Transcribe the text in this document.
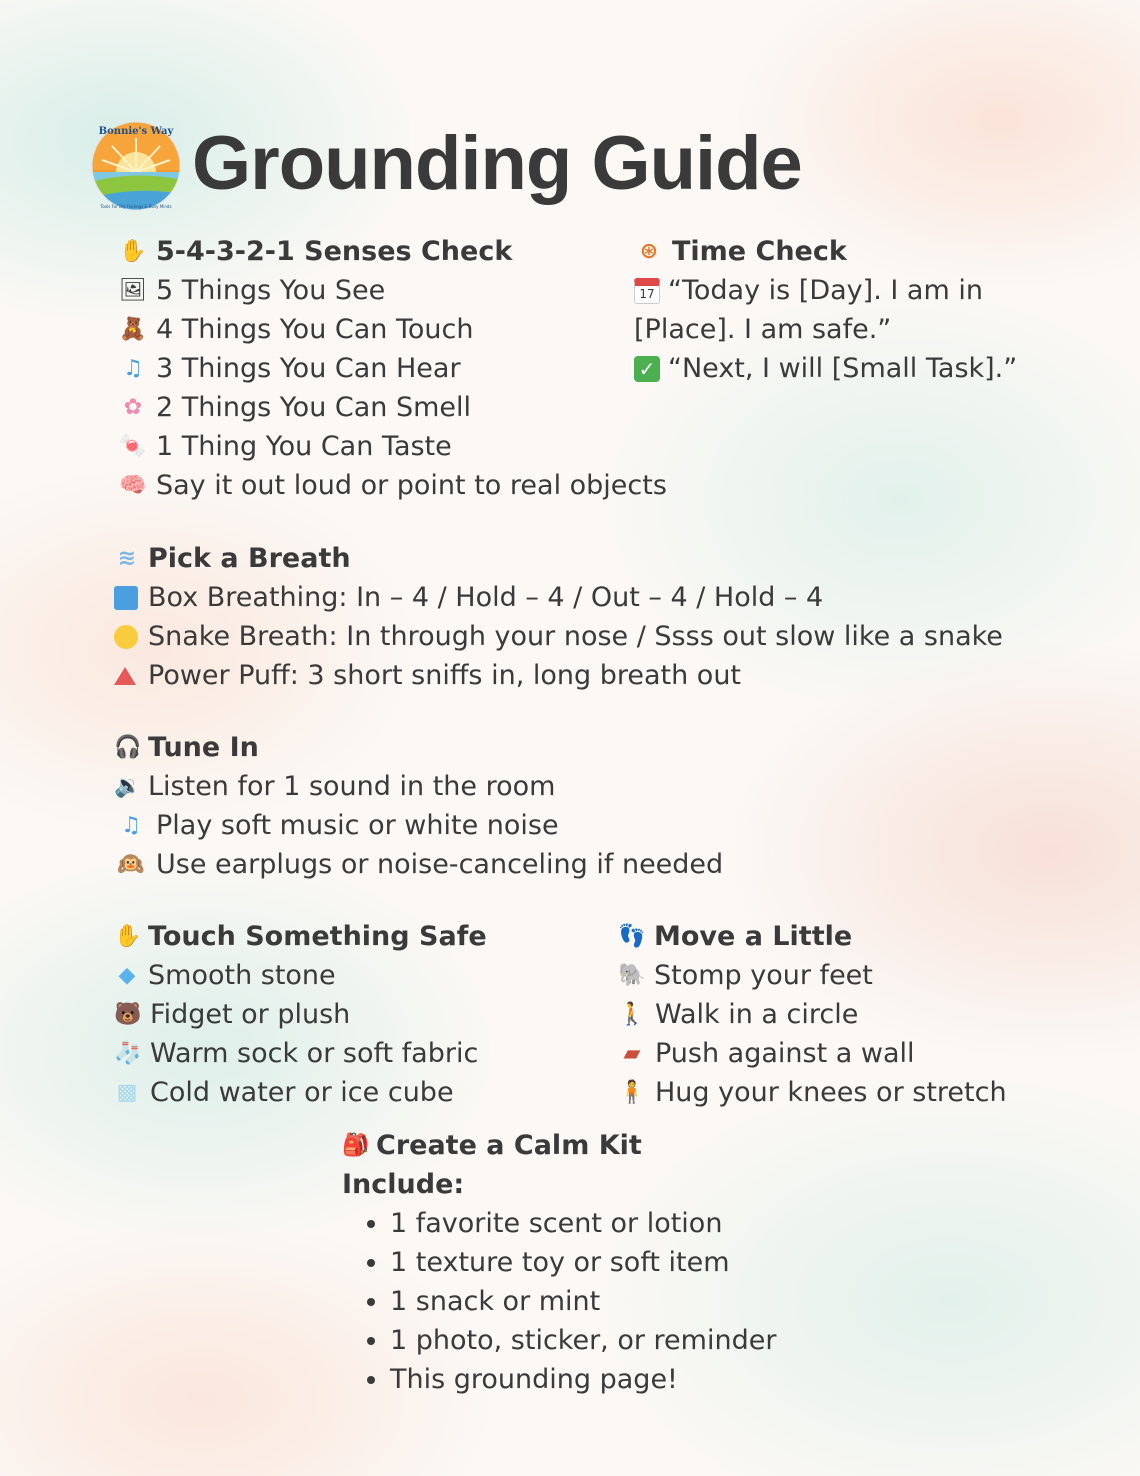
Bonnie's Way
Tools For Big Feelings & Busy Minds
Grounding Guide
✋ 5-4-3-2-1 Senses Check
🖼 5 Things You See
🧸 4 Things You Can Touch
♫ 3 Things You Can Hear
✿ 2 Things You Can Smell
🍬 1 Thing You Can Taste
🧠 Say it out loud or point to real objects
⊛ Time Check
17 “Today is [Day]. I am in
[Place]. I am safe.”
✓ “Next, I will [Small Task].”
≋ Pick a Breath
Box Breathing: In – 4 / Hold – 4 / Out – 4 / Hold – 4
Snake Breath: In through your nose / Ssss out slow like a snake
Power Puff: 3 short sniffs in, long breath out
🎧 Tune In
🔉 Listen for 1 sound in the room
♫ Play soft music or white noise
🙉 Use earplugs or noise-canceling if needed
✋ Touch Something Safe
◆ Smooth stone
🐻 Fidget or plush
🧦 Warm sock or soft fabric
▩ Cold water or ice cube
👣 Move a Little
🐘 Stomp your feet
🚶 Walk in a circle
▰ Push against a wall
🧍 Hug your knees or stretch
🎒 Create a Calm Kit
Include:
• 1 favorite scent or lotion
• 1 texture toy or soft item
• 1 snack or mint
• 1 photo, sticker, or reminder
• This grounding page!
